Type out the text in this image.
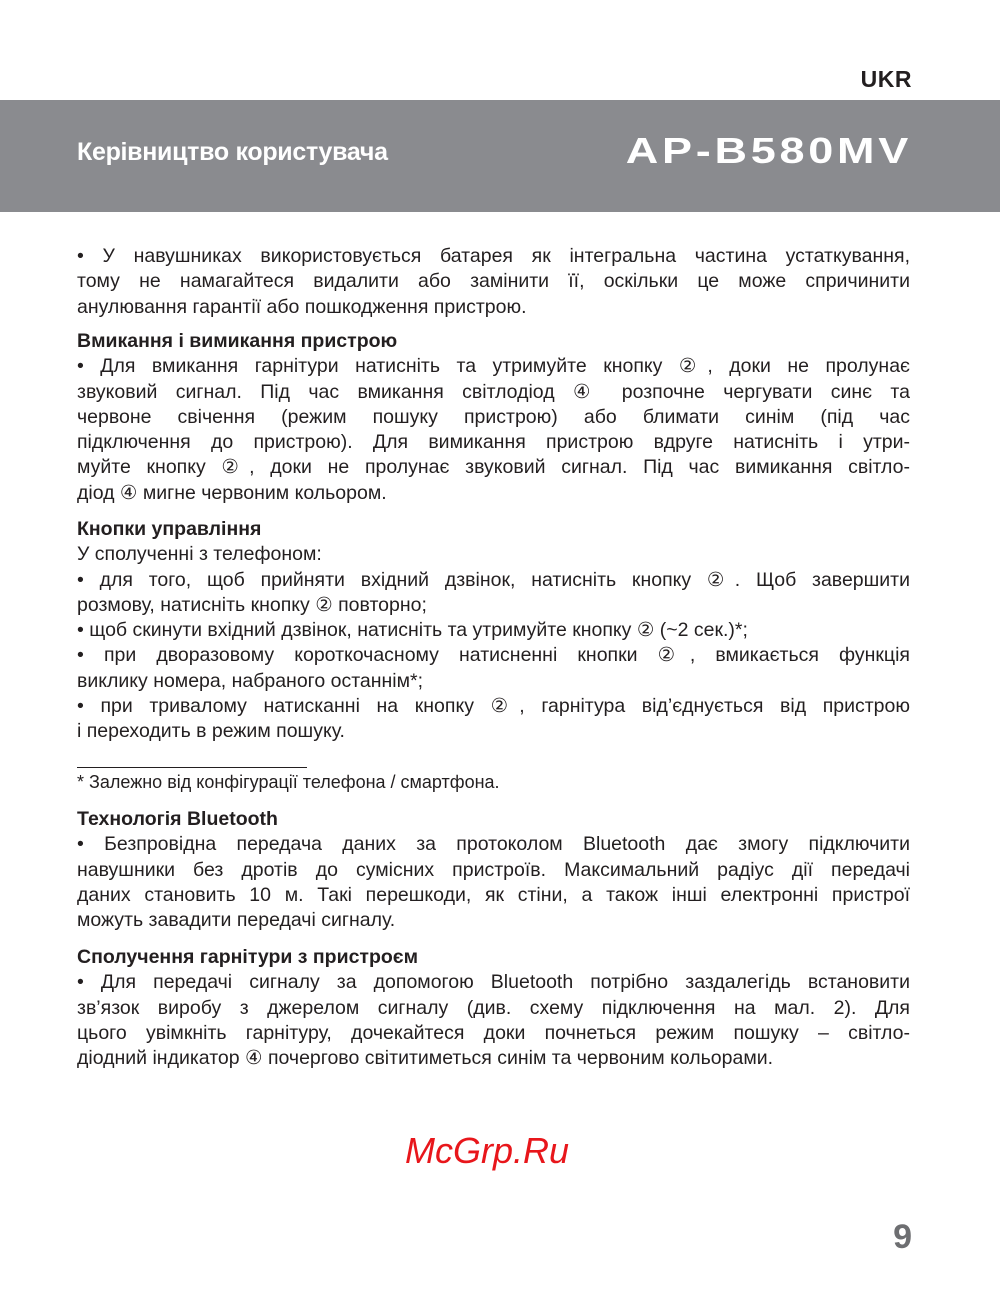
UKR
Керівництво користувача	AP-B580MV
• У навушниках використовується батарея як інтегральна частина устаткування,
тому не намагайтеся видалити або замінити її, оскільки це може спричинити
анулювання гарантії або пошкодження пристрою.
Вмикання і вимикання пристрою
• Для вмикання гарнітури натисніть та утримуйте кнопку ②, доки не пролунає
звуковий сигнал. Під час вмикання світлодіод ④ розпочне чергувати синє та
червоне свічення (режим пошуку пристрою) або блимати синім (під час
підключення до пристрою). Для вимикання пристрою вдруге натисніть і утри-
муйте кнопку ②, доки не пролунає звуковий сигнал. Під час вимикання світло-
діод ④ мигне червоним кольором.
Кнопки управління
У сполученні з телефоном:
• для того, щоб прийняти вхідний дзвінок, натисніть кнопку ②. Щоб завершити
розмову, натисніть кнопку ② повторно;
• щоб скинути вхідний дзвінок, натисніть та утримуйте кнопку ② (~2 сек.)*;
• при дворазовому короткочасному натисненні кнопки ②, вмикається функція
виклику номера, набраного останнім*;
• при тривалому натисканні на кнопку ②, гарнітура від’єднується від пристрою
і переходить в режим пошуку.
* Залежно від конфігурації телефона / смартфона.
Технологія Bluetooth
• Безпровідна передача даних за протоколом Bluetooth дає змогу підключити
навушники без дротів до сумісних пристроїв. Максимальний радіус дії передачі
даних становить 10 м. Такі перешкоди, як стіни, а також інші електронні пристрої
можуть завадити передачі сигналу.
Сполучення гарнітури з пристроєм
• Для передачі сигналу за допомогою Bluetooth потрібно заздалегідь встановити
зв’язок виробу з джерелом сигналу (див. схему підключення на мал. 2). Для
цього увімкніть гарнітуру, дочекайтеся доки почнеться режим пошуку – світло-
діодний індикатор ④ почергово світитиметься синім та червоним кольорами.
McGrp.Ru
9
